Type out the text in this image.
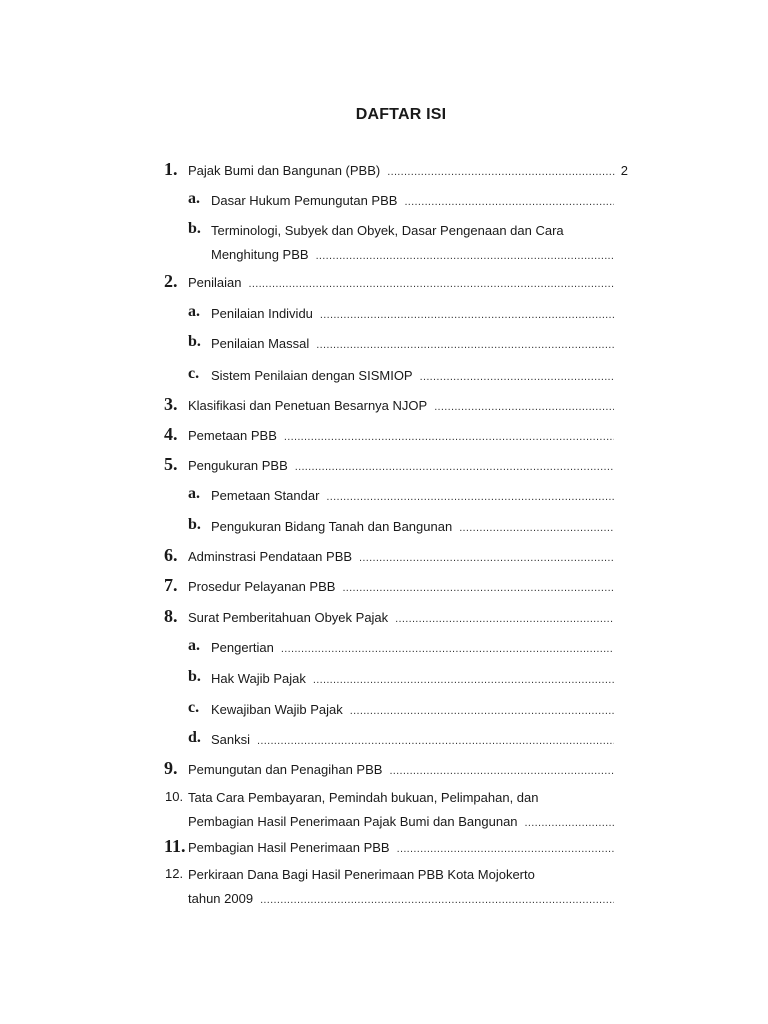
DAFTAR ISI
1. Pajak Bumi dan Bangunan (PBB)
.....	2
a. Dasar Hukum Pemungutan PBB
.....
b. Terminologi, Subyek dan Obyek, Dasar Pengenaan dan Cara
Menghitung PBB
.....
2. Penilaian
.....
a. Penilaian Individu
.....
b. Penilaian Massal
.....
c. Sistem Penilaian dengan SISMIOP
.....
3. Klasifikasi dan Penetuan Besarnya NJOP
.....
4. Pemetaan PBB
.....
5. Pengukuran PBB
.....
a. Pemetaan Standar
.....
b. Pengukuran Bidang Tanah dan Bangunan
.....
6. Adminstrasi Pendataan PBB
.....
7. Prosedur Pelayanan PBB
.....
8. Surat Pemberitahuan Obyek Pajak
.....
a. Pengertian
.....
b. Hak Wajib Pajak
.....
c. Kewajiban Wajib Pajak
.....
d. Sanksi
.....
9. Pemungutan dan Penagihan PBB
.....
10. Tata Cara Pembayaran, Pemindah bukuan, Pelimpahan, dan
Pembagian Hasil Penerimaan Pajak Bumi dan Bangunan
.....
11. Pembagian Hasil Penerimaan PBB
.....
12. Perkiraan Dana Bagi Hasil Penerimaan PBB Kota Mojokerto
tahun 2009
.....
